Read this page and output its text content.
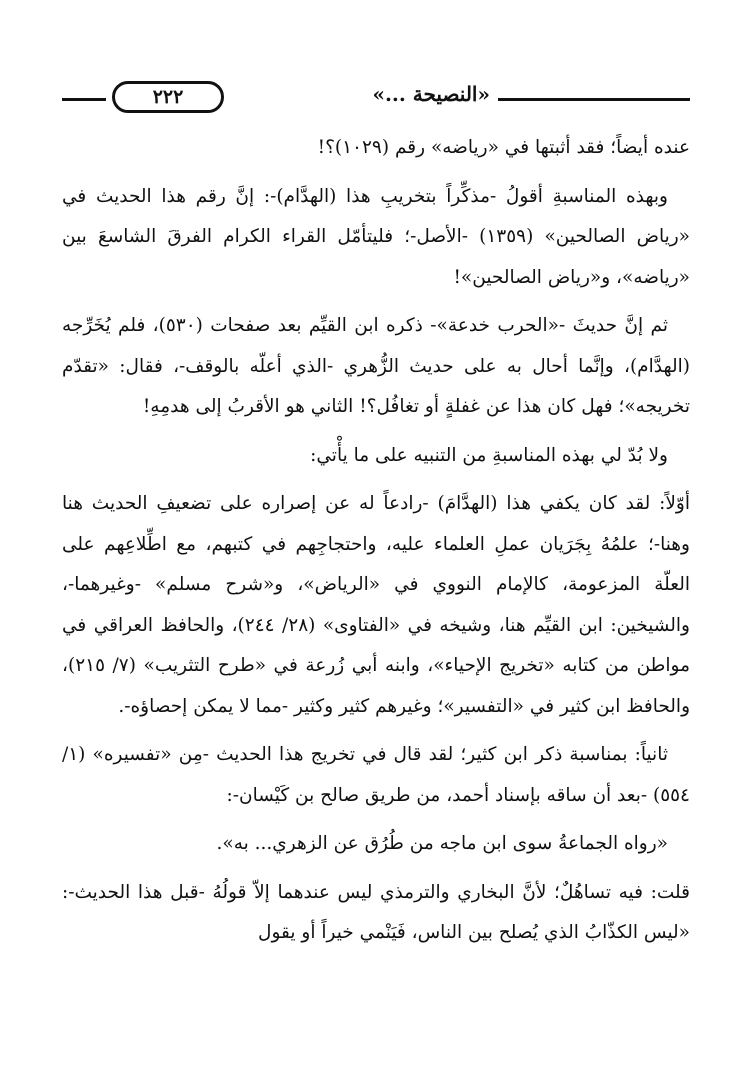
«النصيحة ...»
٢٢٢

عنده أيضاً؛ فقد أثبتها في «رياضه» رقم (١٠٢٩)؟!

وبهذه المناسبةِ أقولُ -مذكِّراً بتخريبِ هذا (الهدَّام)-: إنَّ رقم هذا الحديث في «رياض الصالحين» (١٣٥٩) -الأصل-؛ فليتأمّل القراء الكرام الفرقَ الشاسعَ بين «رياضه»، و«رياض الصالحين»!

ثم إنَّ حديثَ -«الحرب خدعة»- ذكره ابن القيِّم بعد صفحات (٥٣٠)، فلم يُخَرِّجه (الهدَّام)، وإنَّما أحال به على حديث الزُّهري -الذي أعلّه بالوقف-، فقال: «تقدّم تخريجه»؛ فهل كان هذا عن غفلةٍ أو تغافُل؟! الثاني هو الأقربُ إلى هدمِهِ!

ولا بُدّ لي بهذه المناسبةِ من التنبيه على ما يأْتي:

أوّلاً: لقد كان يكفي هذا (الهدَّامَ) -رادعاً له عن إصراره على تضعيفِ الحديث هنا وهنا-؛ علمُهُ بِجَرَيان عملِ العلماء عليه، واحتجاجِهم في كتبهم، مع اطِّلاعِهم على العلّة المزعومة، كالإمام النووي في «الرياض»، و«شرح مسلم» -وغيرهما-، والشيخين: ابن القيِّم هنا، وشيخه في «الفتاوى» (٢٨/ ٢٤٤)، والحافظ العراقي في مواطن من كتابه «تخريج الإحياء»، وابنه أبي زُرعة في «طرح التثريب» (٧/ ٢١٥)، والحافظ ابن كثير في «التفسير»؛ وغيرهم كثير وكثير -مما لا يمكن إحصاؤه-.

ثانياً: بمناسبة ذكر ابن كثير؛ لقد قال في تخريج هذا الحديث -مِن «تفسيره» (١/ ٥٥٤) -بعد أن ساقه بإسناد أحمد، من طريق صالح بن كَيْسان-:

«رواه الجماعةُ سوى ابن ماجه من طُرُق عن الزهري... به».

قلت: فيه تساهُلٌ؛ لأنَّ البخاري والترمذي ليس عندهما إلاّ قولُهُ -قبل هذا الحديث-: «ليس الكذّابُ الذي يُصلح بين الناس، فَيَنْمي خيراً أو يقول
